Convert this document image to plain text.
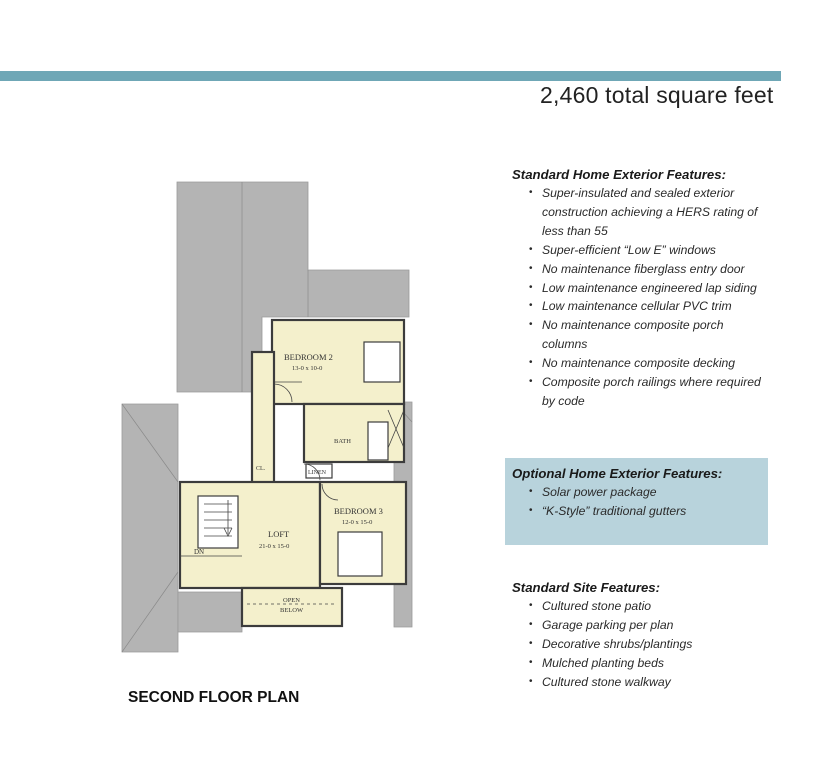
2,460 total square feet
BEDROOM 2
13-0 x 10-0
BATH
LINEN
LOFT
21-0 x 15-0
BEDROOM 3
12-0 x 15-0
DN
OPEN
BELOW
CL.
SECOND FLOOR PLAN
Standard Home Exterior Features:
• Super-insulated and sealed exterior construction achieving a HERS rating of less than 55
• Super-efficient “Low E” windows
• No maintenance fiberglass entry door
• Low maintenance engineered lap siding
• Low maintenance cellular PVC trim
• No maintenance composite porch columns
• No maintenance composite decking
• Composite porch railings where required by code
Optional Home Exterior Features:
• Solar power package
• “K-Style” traditional gutters
Standard Site Features:
• Cultured stone patio
• Garage parking per plan
• Decorative shrubs/plantings
• Mulched planting beds
• Cultured stone walkway
